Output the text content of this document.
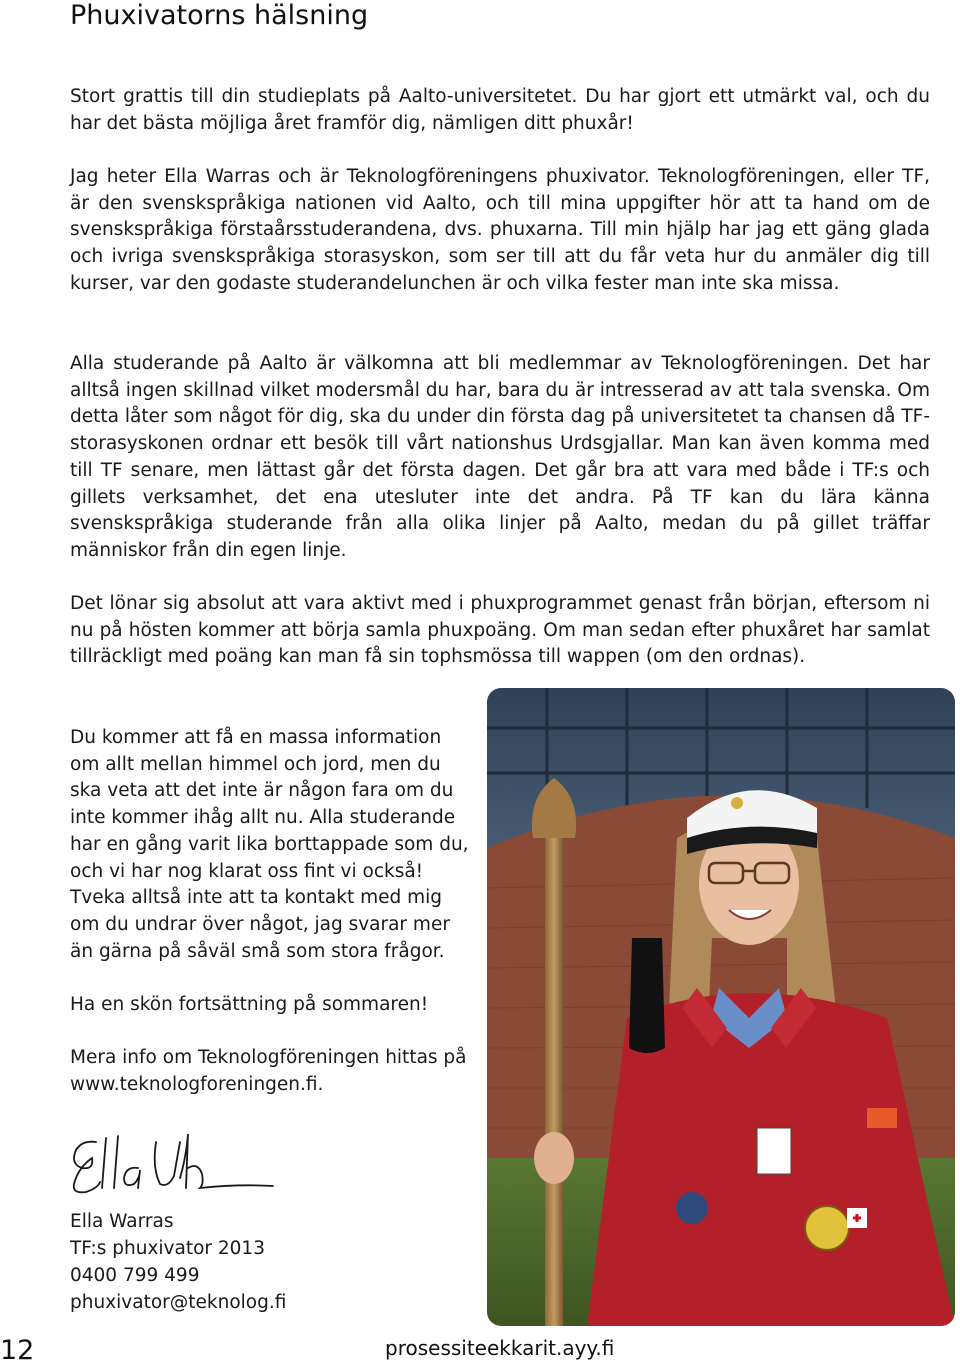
Phuxivatorns hälsning

Stort grattis till din studieplats på Aalto-universitetet. Du har gjort ett utmärkt val, och du har det bästa möjliga året framför dig, nämligen ditt phuxår!

Jag heter Ella Warras och är Teknologföreningens phuxivator. Teknologföreningen, eller TF, är den svenskspråkiga nationen vid Aalto, och till mina uppgifter hör att ta hand om de svenskspråkiga förstaårsstuderandena, dvs. phuxarna. Till min hjälp har jag ett gäng glada och ivriga svenskspråkiga storasyskon, som ser till att du får veta hur du anmäler dig till kurser, var den godaste studerandelunchen är och vilka fester man inte ska missa.

Alla studerande på Aalto är välkomna att bli medlemmar av Teknologföreningen. Det har alltså ingen skillnad vilket modersmål du har, bara du är intresserad av att tala svenska. Om detta låter som något för dig, ska du under din första dag på universitetet ta chansen då TF-storasyskonen ordnar ett besök till vårt nationshus Urdsgjallar. Man kan även komma med till TF senare, men lättast går det första dagen. Det går bra att vara med både i TF:s och gillets verksamhet, det ena utesluter inte det andra. På TF kan du lära känna svenskspråkiga studerande från alla olika linjer på Aalto, medan du på gillet träffar människor från din egen linje.

Det lönar sig absolut att vara aktivt med i phuxprogrammet genast från början, eftersom ni nu på hösten kommer att börja samla phuxpoäng. Om man sedan efter phuxåret har samlat tillräckligt med poäng kan man få sin tophsmössa till wappen (om den ordnas).

Du kommer att få en massa information om allt mellan himmel och jord, men du ska veta att det inte är någon fara om du inte kommer ihåg allt nu. Alla studerande har en gång varit lika borttappade som du, och vi har nog klarat oss fint vi också! Tveka alltså inte att ta kontakt med mig om du undrar över något, jag svarar mer än gärna på såväl små som stora frågor.

Ha en skön fortsättning på sommaren!

Mera info om Teknologföreningen hittas på www.teknologforeningen.fi.

Ella Warras
TF:s phuxivator 2013
0400 799 499
phuxivator@teknolog.fi
12	prosessiteekkarit.ayy.fi
